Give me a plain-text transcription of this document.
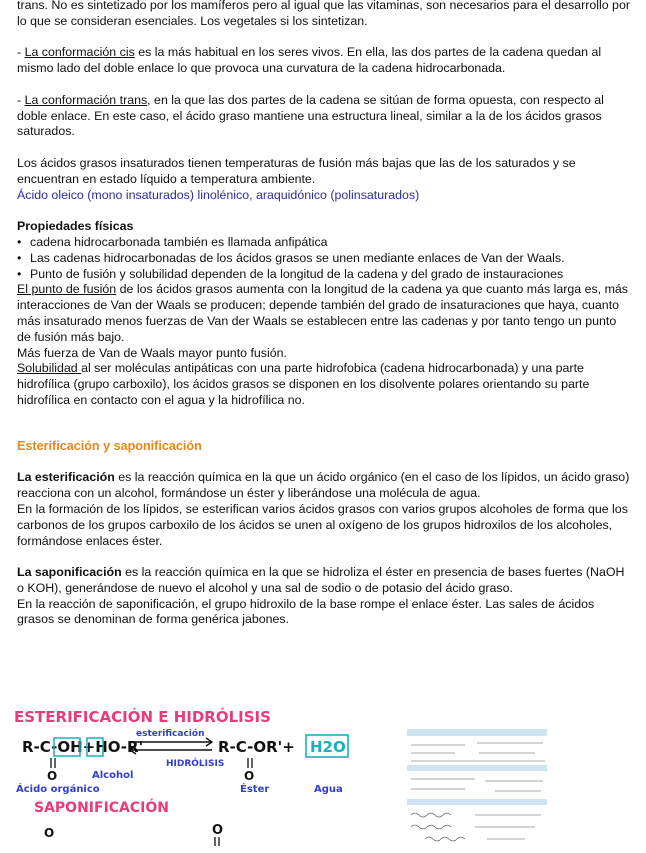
trans. No es sintetizado por los mamíferos pero al igual que las vitaminas, son necesarios para el desarrollo por lo que se consideran esenciales. Los vegetales si los sintetizan.

- La conformación cis es la más habitual en los seres vivos. En ella, las dos partes de la cadena quedan al mismo lado del doble enlace lo que provoca una curvatura de la cadena hidrocarbonada.

- La conformación trans, en la que las dos partes de la cadena se sitúan de forma opuesta, con respecto al doble enlace. En este caso, el ácido graso mantiene una estructura lineal, similar a la de los ácidos grasos saturados.

Los ácidos grasos insaturados tienen temperaturas de fusión más bajas que las de los saturados y se encuentran en estado líquido a temperatura ambiente.

Ácido oleico (mono insaturados) linolénico, araquidónico (polinsaturados)

Propiedades físicas

• cadena hidrocarbonada también es llamada anfipática

• Las cadenas hidrocarbonadas de los ácidos grasos se unen mediante enlaces de Van der Waals.

• Punto de fusión y solubilidad dependen de la longitud de la cadena y del grado de instauraciones

El punto de fusión de los ácidos grasos aumenta con la longitud de la cadena ya que cuanto más larga es, más interacciones de Van der Waals se producen; depende también del grado de insaturaciones que haya, cuanto más insaturado menos fuerzas de Van der Waals se establecen entre las cadenas y por tanto tengo un punto de fusión más bajo.

Más fuerza de Van de Waals mayor punto fusión.

Solubilidad al ser moléculas antipáticas con una parte hidrofobica (cadena hidrocarbonada) y una parte hidrofílica (grupo carboxilo), los ácidos grasos se disponen en los disolvente polares orientando su parte hidrofílica en contacto con el agua y la hidrofílica no.

Esterificación y saponificación

La esterificación es la reacción química en la que un ácido orgánico (en el caso de los lípidos, un ácido graso) reacciona con un alcohol, formándose un éster y liberándose una molécula de agua.

En la formación de los lípidos, se esterifican varios ácidos grasos con varios grupos alcoholes de forma que los carbonos de los grupos carboxilo de los ácidos se unen al oxígeno de los grupos hidroxilos de los alcoholes, formándose enlaces éster.

La saponificación es la reacción química en la que se hidroliza el éster en presencia de bases fuertes (NaOH o KOH), generándose de nuevo el alcohol y una sal de sodio o de potasio del ácido graso.

En la reacción de saponificación, el grupo hidroxilo de la base rompe el enlace éster. Las sales de ácidos grasos se denominan de forma genérica jabones.

ESTERIFICACIÓN E HIDRÓLISIS
R-C-OH+HO-R'
O
esterificación
HIDRÓLISIS
R-C-OR'+ H2O
O
Ácido orgánico
Alcohol
Éster	Agua
SAPONIFICACIÓN
O
O
